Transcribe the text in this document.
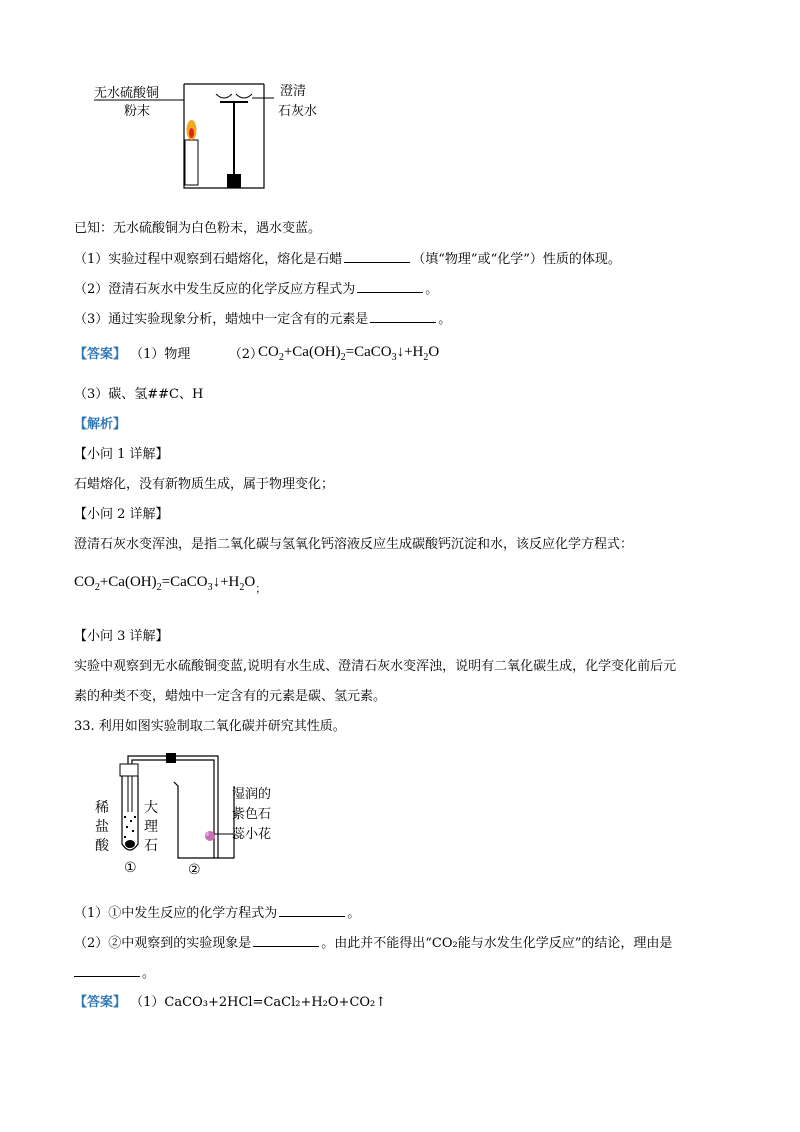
无水硫酸铜
粉末
澄清
石灰水
已知：无水硫酸铜为白色粉末，遇水变蓝。
（1）实验过程中观察到石蜡熔化，熔化是石蜡	（填“物理”或“化学”）性质的体现。
（2）澄清石灰水中发生反应的化学反应方程式为	。
（3）通过实验现象分析，蜡烛中一定含有的元素是	。
【答案】 （1）物理	（2）
$CO_2+Ca(OH)_2=CaCO_3↓+H_2O$
（3）碳、氢##C、H
【解析】
【小问 1 详解】
石蜡熔化，没有新物质生成，属于物理变化；
【小问 2 详解】
澄清石灰水变浑浊，是指二氧化碳与氢氧化钙溶液反应生成碳酸钙沉淀和水，该反应化学方程式：
$CO_2+Ca(OH)_2=CaCO_3↓+H_2O_;$
【小问 3 详解】
实验中观察到无水硫酸铜变蓝,说明有水生成、澄清石灰水变浑浊，说明有二氧化碳生成，化学变化前后元
素的种类不变，蜡烛中一定含有的元素是碳、氢元素。
33. 利用如图实验制取二氧化碳并研究其性质。
稀
盐
酸
大
理
石
①	②
湿润的
紫色石
蕊小花
（1）①中发生反应的化学方程式为	。
（2）②中观察到的实验现象是	。由此并不能得出“CO₂能与水发生化学反应”的结论，理由是
。
【答案】 （1）CaCO₃+2HCl=CaCl₂+H₂O+CO₂↑
